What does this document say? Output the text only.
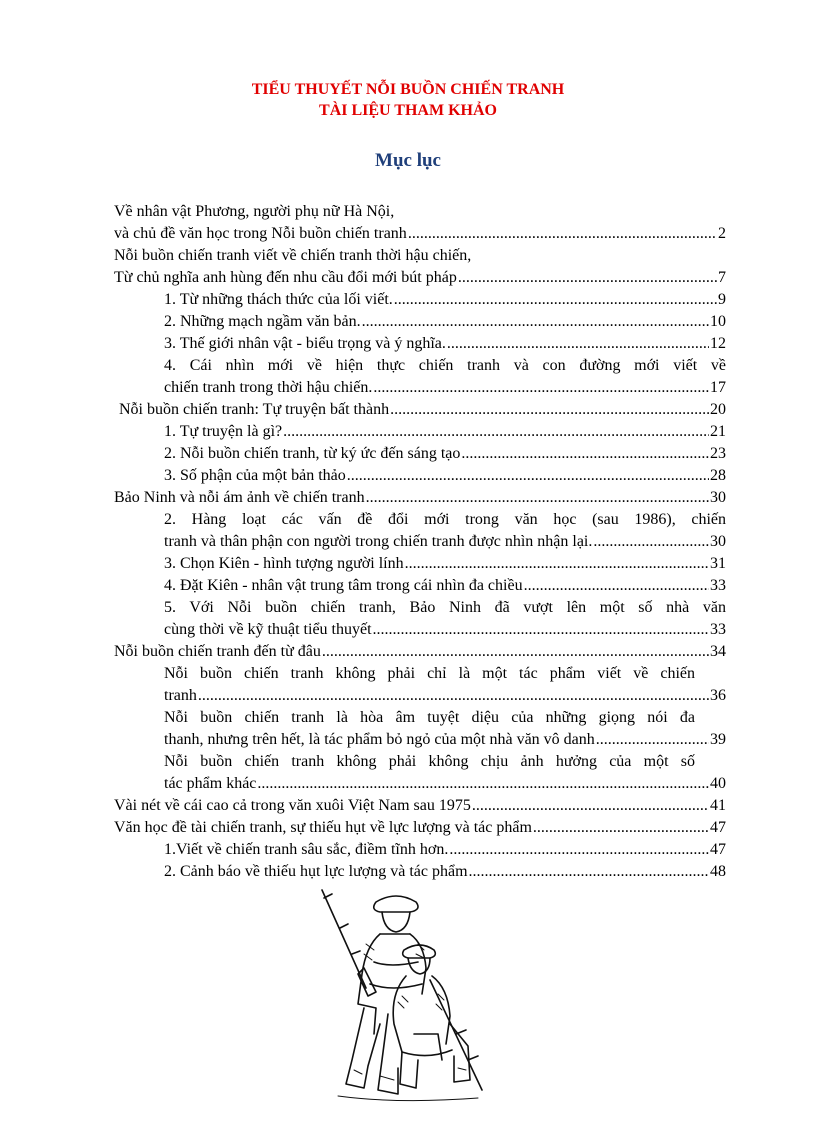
TIỂU THUYẾT NỖI BUỒN CHIẾN TRANH
TÀI LIỆU THAM KHẢO
Mục lục
Về nhân vật Phương, người phụ nữ Hà Nội,
và chủ đề văn học trong Nỗi buồn chiến tranh .....	2
Nỗi buồn chiến tranh viết về chiến tranh thời hậu chiến,
Từ chủ nghĩa anh hùng đến nhu cầu đổi mới bút pháp .....	7
1. Từ những thách thức của lối viết. .....	9
2. Những mạch ngầm văn bản. .....	10
3. Thế giới nhân vật - biểu trọng và ý nghĩa. .....	12
4. Cái nhìn mới về hiện thực chiến tranh và con đường mới viết về
chiến tranh trong thời hậu chiến. .....	17
Nỗi buồn chiến tranh: Tự truyện bất thành .....	20
1. Tự truyện là gì? .....	21
2. Nỗi buồn chiến tranh, từ ký ức đến sáng tạo .....	23
3. Số phận của một bản thảo .....	28
Bảo Ninh và nỗi ám ảnh về chiến tranh .....	30
2. Hàng loạt các vấn đề đổi mới trong văn học (sau 1986), chiến
tranh và thân phận con người trong chiến tranh được nhìn nhận lại. .....	30
3. Chọn Kiên - hình tượng người lính .....	31
4. Đặt Kiên - nhân vật trung tâm trong cái nhìn đa chiều .....	33
5. Với Nỗi buồn chiến tranh, Bảo Ninh đã vượt lên một số nhà văn
cùng thời về kỹ thuật tiểu thuyết .....	33
Nỗi buồn chiến tranh đến từ đâu .....	34
Nỗi buồn chiến tranh không phải chỉ là một tác phẩm viết về chiến
tranh .....	36
Nỗi buồn chiến tranh là hòa âm tuyệt diệu của những giọng nói đa
thanh, nhưng trên hết, là tác phẩm bỏ ngỏ của một nhà văn vô danh .....	39
Nỗi buồn chiến tranh không phải không chịu ảnh hưởng của một số
tác phẩm khác .....	40
Vài nét về cái cao cả trong văn xuôi Việt Nam sau 1975 .....	41
Văn học đề tài chiến tranh, sự thiếu hụt về lực lượng và tác phẩm .....	47
1.Viết về chiến tranh sâu sắc, điềm tĩnh hơn. .....	47
2. Cảnh báo về thiếu hụt lực lượng và tác phẩm .....	48
